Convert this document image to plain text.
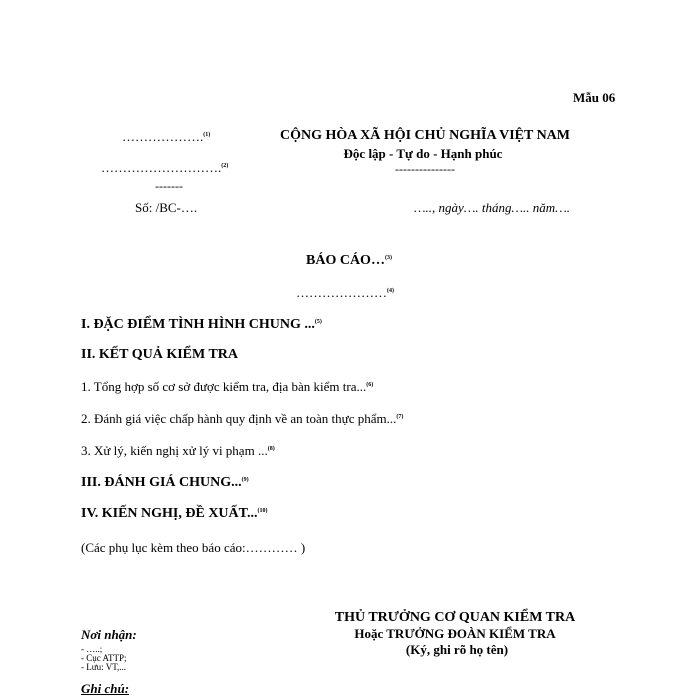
Mẫu 06
……………….$^{(1)}$
……………………….$^{(2)}$
-------
Số: /BC-….
CỘNG HÒA XÃ HỘI CHỦ NGHĨA VIỆT NAM
Độc lập - Tự do - Hạnh phúc
---------------
….., ngày…. tháng….. năm….
BÁO CÁO…$^{(3)}$
…………………$^{(4)}$
I. ĐẶC ĐIỂM TÌNH HÌNH CHUNG ...$^{(5)}$
II. KẾT QUẢ KIỂM TRA
1. Tổng hợp số cơ sở được kiểm tra, địa bàn kiểm tra...$^{(6)}$
2. Đánh giá việc chấp hành quy định về an toàn thực phẩm...$^{(7)}$
3. Xử lý, kiến nghị xử lý vi phạm ...$^{(8)}$
III. ĐÁNH GIÁ CHUNG...$^{(9)}$
IV. KIẾN NGHỊ, ĐỀ XUẤT...$^{(10)}$
(Các phụ lục kèm theo báo cáo:………… )
THỦ TRƯỞNG CƠ QUAN KIỂM TRA
Hoặc TRƯỞNG ĐOÀN KIỂM TRA
(Ký, ghi rõ họ tên)
Nơi nhận:
- …..;
- Cục ATTP;
- Lưu: VT,...
Ghi chú:
